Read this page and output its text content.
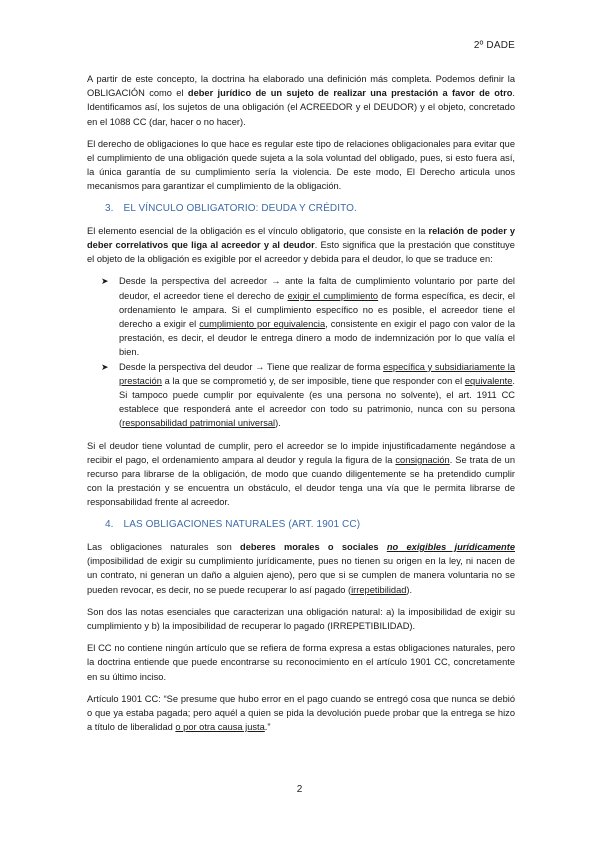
2º DADE

A partir de este concepto, la doctrina ha elaborado una definición más completa. Podemos definir la OBLIGACIÓN como el deber jurídico de un sujeto de realizar una prestación a favor de otro. Identificamos así, los sujetos de una obligación (el ACREEDOR y el DEUDOR) y el objeto, concretado en el 1088 CC (dar, hacer o no hacer).

El derecho de obligaciones lo que hace es regular este tipo de relaciones obligacionales para evitar que el cumplimiento de una obligación quede sujeta a la sola voluntad del obligado, pues, si esto fuera así, la única garantía de su cumplimiento sería la violencia. De este modo, El Derecho articula unos mecanismos para garantizar el cumplimiento de la obligación.

3. EL VÍNCULO OBLIGATORIO: DEUDA Y CRÉDITO.

El elemento esencial de la obligación es el vínculo obligatorio, que consiste en la relación de poder y deber correlativos que liga al acreedor y al deudor. Esto significa que la prestación que constituye el objeto de la obligación es exigible por el acreedor y debida para el deudor, lo que se traduce en:

➤ Desde la perspectiva del acreedor → ante la falta de cumplimiento voluntario por parte del deudor, el acreedor tiene el derecho de exigir el cumplimiento de forma específica, es decir, el ordenamiento le ampara. Si el cumplimiento específico no es posible, el acreedor tiene el derecho a exigir el cumplimiento por equivalencia, consistente en exigir el pago con valor de la prestación, es decir, el deudor le entrega dinero a modo de indemnización por lo que valía el bien.
➤ Desde la perspectiva del deudor → Tiene que realizar de forma específica y subsidiariamente la prestación a la que se comprometió y, de ser imposible, tiene que responder con el equivalente. Si tampoco puede cumplir por equivalente (es una persona no solvente), el art. 1911 CC establece que responderá ante el acreedor con todo su patrimonio, nunca con su persona (responsabilidad patrimonial universal).

Si el deudor tiene voluntad de cumplir, pero el acreedor se lo impide injustificadamente negándose a recibir el pago, el ordenamiento ampara al deudor y regula la figura de la consignación. Se trata de un recurso para librarse de la obligación, de modo que cuando diligentemente se ha pretendido cumplir con la prestación y se encuentra un obstáculo, el deudor tenga una vía que le permita librarse de responsabilidad frente al acreedor.

4. LAS OBLIGACIONES NATURALES (ART. 1901 CC)

Las obligaciones naturales son deberes morales o sociales no exigibles jurídicamente (imposibilidad de exigir su cumplimiento jurídicamente, pues no tienen su origen en la ley, ni nacen de un contrato, ni generan un daño a alguien ajeno), pero que si se cumplen de manera voluntaria no se pueden revocar, es decir, no se puede recuperar lo así pagado (irrepetibilidad).

Son dos las notas esenciales que caracterizan una obligación natural: a) la imposibilidad de exigir su cumplimiento y b) la imposibilidad de recuperar lo pagado (IRREPETIBILIDAD).

El CC no contiene ningún artículo que se refiera de forma expresa a estas obligaciones naturales, pero la doctrina entiende que puede encontrarse su reconocimiento en el artículo 1901 CC, concretamente en su último inciso.

Artículo 1901 CC: “Se presume que hubo error en el pago cuando se entregó cosa que nunca se debió o que ya estaba pagada; pero aquél a quien se pida la devolución puede probar que la entrega se hizo a título de liberalidad o por otra causa justa.”

2
